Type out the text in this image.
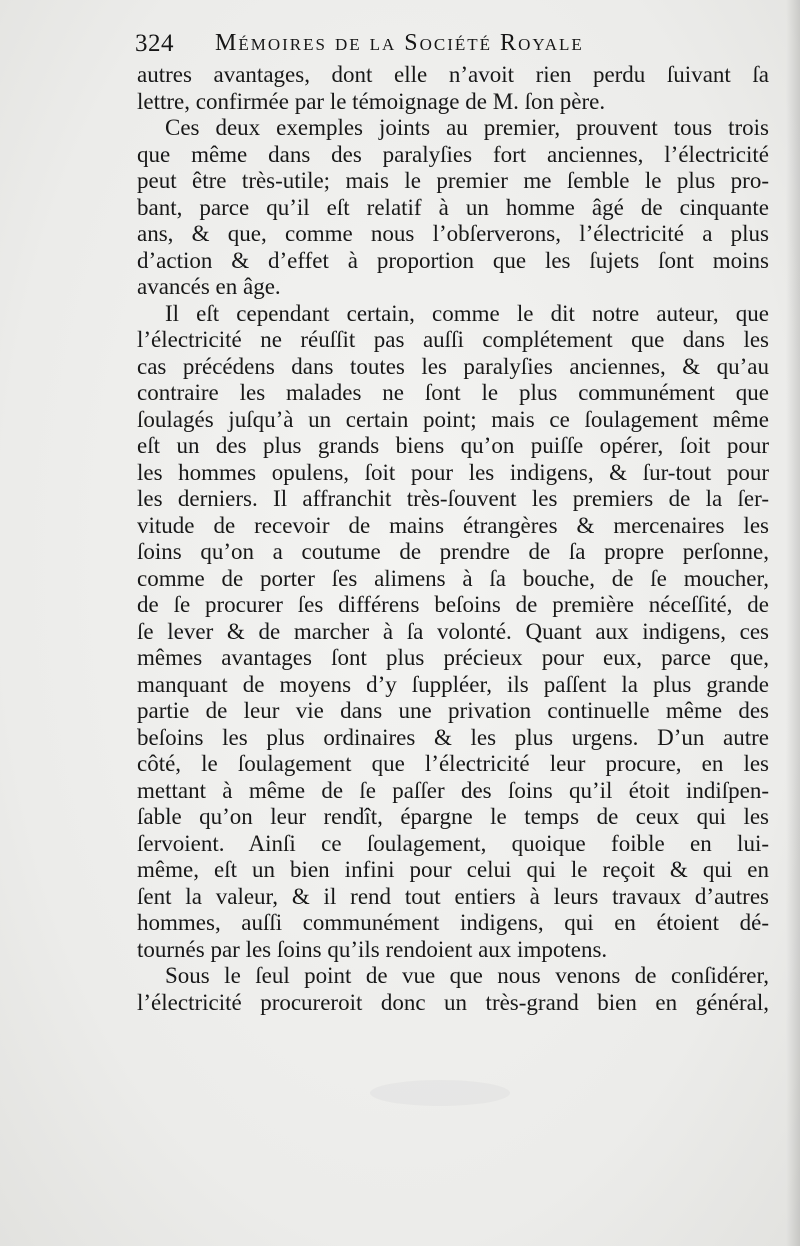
324 Mémoires de la Société Royale
autres avantages, dont elle n’avoit rien perdu ſuivant ſa
lettre, confirmée par le témoignage de M. ſon père.
Ces deux exemples joints au premier, prouvent tous trois
que même dans des paralyſies fort anciennes, l’électricité
peut être très-utile; mais le premier me ſemble le plus pro-
bant, parce qu’il eſt relatif à un homme âgé de cinquante
ans, & que, comme nous l’obſerverons, l’électricité a plus
d’action & d’effet à proportion que les ſujets ſont moins
avancés en âge.
Il eſt cependant certain, comme le dit notre auteur, que
l’électricité ne réuſſit pas auſſi complétement que dans les
cas précédens dans toutes les paralyſies anciennes, & qu’au
contraire les malades ne ſont le plus communément que
ſoulagés juſqu’à un certain point; mais ce ſoulagement même
eſt un des plus grands biens qu’on puiſſe opérer, ſoit pour
les hommes opulens, ſoit pour les indigens, & ſur-tout pour
les derniers. Il affranchit très-ſouvent les premiers de la ſer-
vitude de recevoir de mains étrangères & mercenaires les
ſoins qu’on a coutume de prendre de ſa propre perſonne,
comme de porter ſes alimens à ſa bouche, de ſe moucher,
de ſe procurer ſes différens beſoins de première néceſſité, de
ſe lever & de marcher à ſa volonté. Quant aux indigens, ces
mêmes avantages ſont plus précieux pour eux, parce que,
manquant de moyens d’y ſuppléer, ils paſſent la plus grande
partie de leur vie dans une privation continuelle même des
beſoins les plus ordinaires & les plus urgens. D’un autre
côté, le ſoulagement que l’électricité leur procure, en les
mettant à même de ſe paſſer des ſoins qu’il étoit indiſpen-
ſable qu’on leur rendît, épargne le temps de ceux qui les
ſervoient. Ainſi ce ſoulagement, quoique foible en lui-
même, eſt un bien infini pour celui qui le reçoit & qui en
ſent la valeur, & il rend tout entiers à leurs travaux d’autres
hommes, auſſi communément indigens, qui en étoient dé-
tournés par les ſoins qu’ils rendoient aux impotens.
Sous le ſeul point de vue que nous venons de conſidérer,
l’électricité procureroit donc un très-grand bien en général,
